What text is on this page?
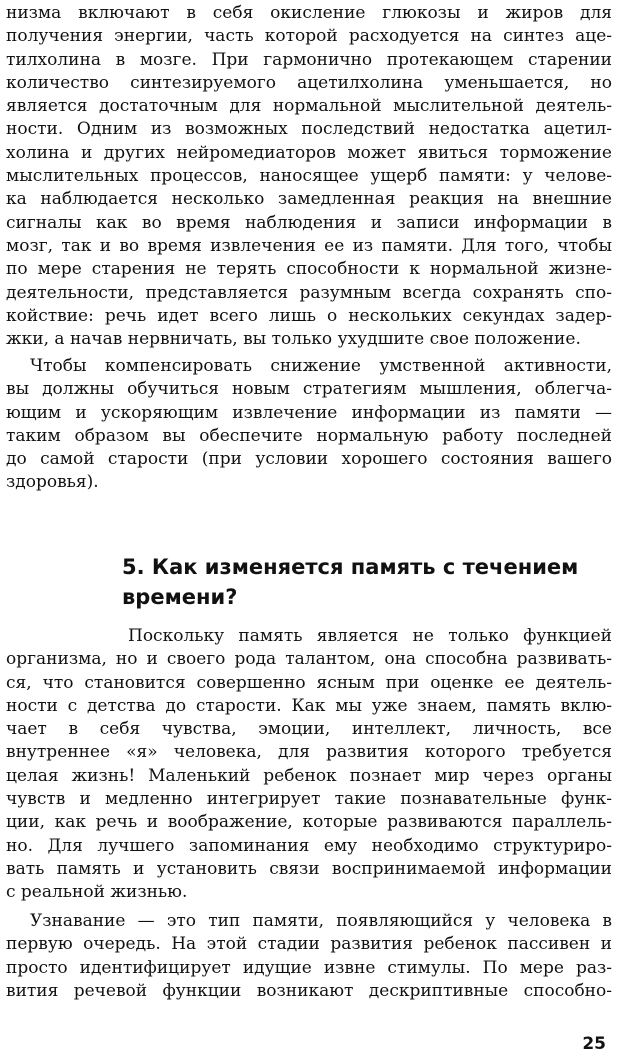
низма включают в себя окисление глюкозы и жиров для
получения энергии, часть которой расходуется на синтез аце-
тилхолина в мозге. При гармонично протекающем старении
количество синтезируемого ацетилхолина уменьшается, но
является достаточным для нормальной мыслительной деятель-
ности. Одним из возможных последствий недостатка ацетил-
холина и других нейромедиаторов может явиться торможение
мыслительных процессов, наносящее ущерб памяти: у челове-
ка наблюдается несколько замедленная реакция на внешние
сигналы как во время наблюдения и записи информации в
мозг, так и во время извлечения ее из памяти. Для того, чтобы
по мере старения не терять способности к нормальной жизне-
деятельности, представляется разумным всегда сохранять спо-
койствие: речь идет всего лишь о нескольких секундах задер-
жки, а начав нервничать, вы только ухудшите свое положение.
Чтобы компенсировать снижение умственной активности,
вы должны обучиться новым стратегиям мышления, облегча-
ющим и ускоряющим извлечение информации из памяти —
таким образом вы обеспечите нормальную работу последней
до самой старости (при условии хорошего состояния вашего
здоровья).
5. Как изменяется память с течением
времени?
Поскольку память является не только функцией
организма, но и своего рода талантом, она способна развивать-
ся, что становится совершенно ясным при оценке ее деятель-
ности с детства до старости. Как мы уже знаем, память вклю-
чает в себя чувства, эмоции, интеллект, личность, все
внутреннее «я» человека, для развития которого требуется
целая жизнь! Маленький ребенок познает мир через органы
чувств и медленно интегрирует такие познавательные функ-
ции, как речь и воображение, которые развиваются параллель-
но. Для лучшего запоминания ему необходимо структуриро-
вать память и установить связи воспринимаемой информации
с реальной жизнью.
Узнавание — это тип памяти, появляющийся у человека в
первую очередь. На этой стадии развития ребенок пассивен и
просто идентифицирует идущие извне стимулы. По мере раз-
вития речевой функции возникают дескриптивные способно-
25
